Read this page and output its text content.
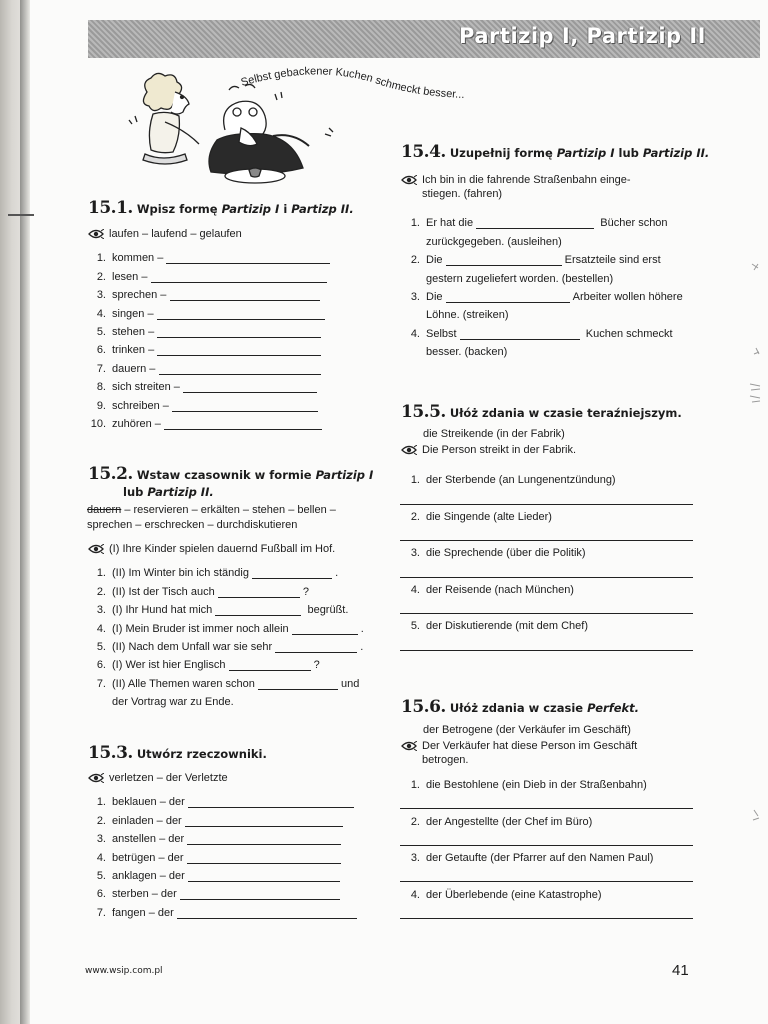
Partizip I, Partizip II
Selbst gebackener Kuchen schmeckt besser...
15.1. Wpisz formę Partizip I i Partizp II.
laufen – laufend – gelaufen
1. kommen –

2. lesen –

3. sprechen –

4. singen –

5. stehen –

6. trinken –

7. dauern –

8. sich streiten –

9. schreiben –

10. zuhören –

15.2. Wstaw czasownik w formie Partizip I
lub Partizip II.
dauern – reservieren – erkälten – stehen – bellen – sprechen – erschrecken – durchdiskutieren
(I) Ihre Kinder spielen dauernd Fußball im Hof.
1. (II) Im Winter bin ich ständig

	.
2. (II) Ist der Tisch auch

	?
3. (I) Ihr Hund hat mich

	begrüßt.
4. (I) Mein Bruder ist immer noch allein

	.
5. (II) Nach dem Unfall war sie sehr

	.
6. (I) Wer ist hier Englisch

	?
7. (II) Alle Themen waren schon

	und
der Vortrag war zu Ende.
15.3. Utwórz rzeczowniki.
verletzen – der Verletzte
1. beklauen – der

2. einladen – der

3. anstellen – der

4. betrügen – der

5. anklagen – der

6. sterben – der

7. fangen – der

15.4. Uzupełnij formę Partizip I lub Partizip II.
Ich bin in die fahrende Straßenbahn einge-
stiegen. (fahren)
1. Er hat die

	Bücher schon
zurückgegeben. (ausleihen)
2. Die

	Ersatzteile sind erst
gestern zugeliefert worden. (bestellen)
3. Die

	Arbeiter wollen höhere
Löhne. (streiken)
4. Selbst

	Kuchen schmeckt
besser. (backen)
15.5. Ułóż zdania w czasie teraźniejszym.
die Streikende (in der Fabrik)
Die Person streikt in der Fabrik.
1. der Sterbende (an Lungenentzündung)
2. die Singende (alte Lieder)
3. die Sprechende (über die Politik)
4. der Reisende (nach München)
5. der Diskutierende (mit dem Chef)
15.6. Ułóż zdania w czasie Perfekt.
der Betrogene (der Verkäufer im Geschäft)
Der Verkäufer hat diese Person im Geschäft
betrogen.
1. die Bestohlene (ein Dieb in der Straßenbahn)
2. der Angestellte (der Chef im Büro)
3. der Getaufte (der Pfarrer auf den Namen Paul)
4. der Überlebende (eine Katastrophe)
www.wsip.com.pl	41
